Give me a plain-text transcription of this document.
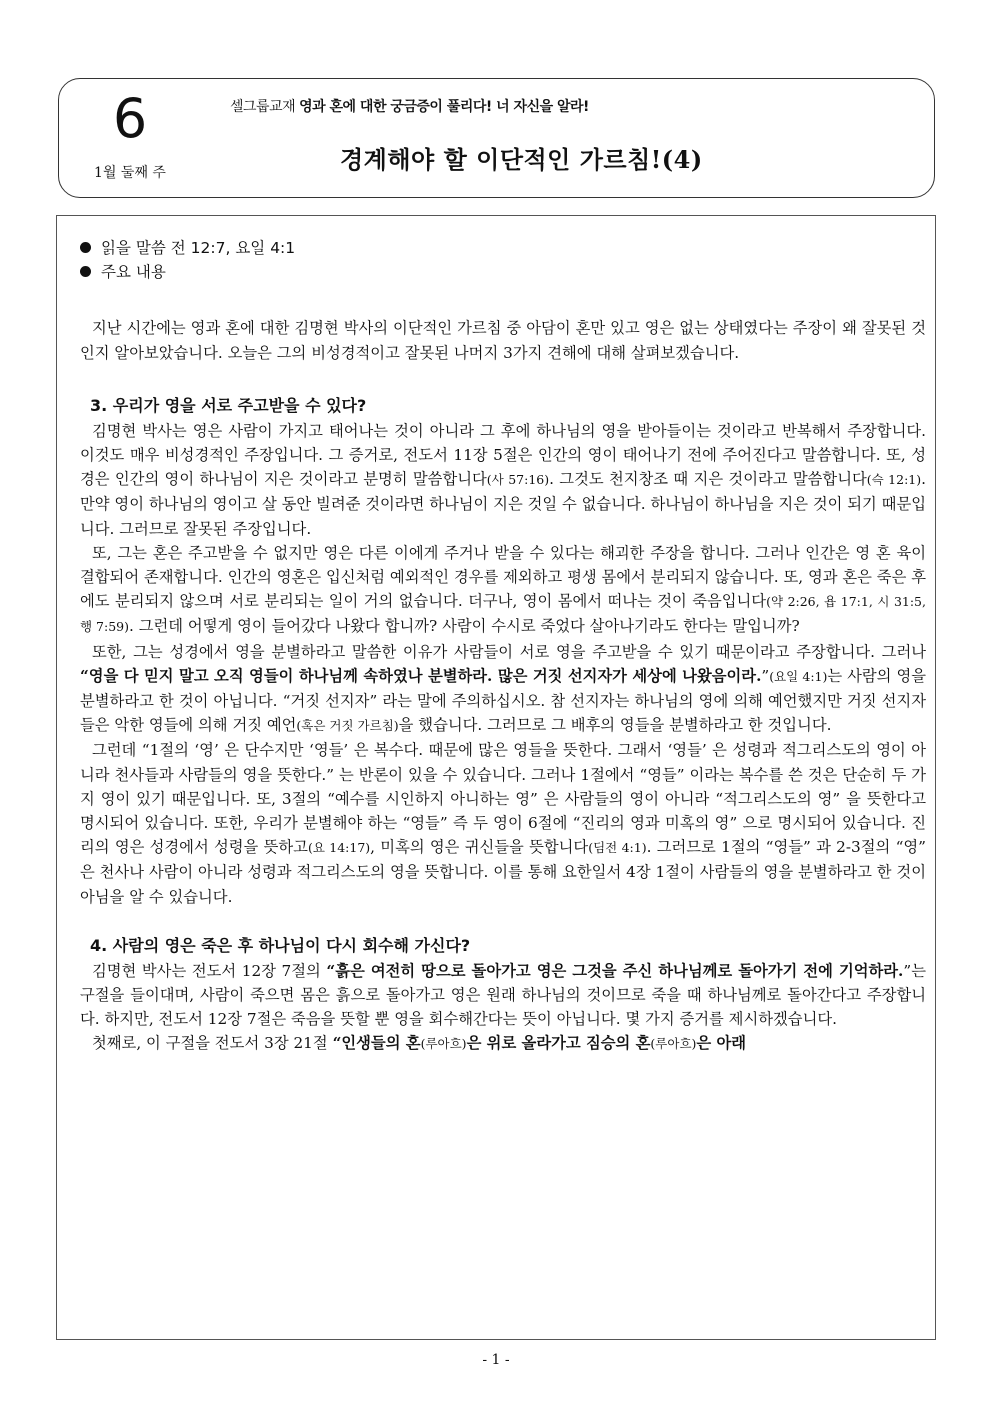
6
1월 둘째 주
셀그룹교재 영과 혼에 대한 궁금증이 풀리다! 너 자신을 알라!
경계해야 할 이단적인 가르침!(4)

읽을 말씀 전 12:7, 요일 4:1

주요 내용

지난 시간에는 영과 혼에 대한 김명현 박사의 이단적인 가르침 중 아담이 혼만 있고 영은 없는 상태였다는 주장이 왜 잘못된 것인지 알아보았습니다. 오늘은 그의 비성경적이고 잘못된 나머지 3가지 견해에 대해 살펴보겠습니다.

3. 우리가 영을 서로 주고받을 수 있다?

김명현 박사는 영은 사람이 가지고 태어나는 것이 아니라 그 후에 하나님의 영을 받아들이는 것이라고 반복해서 주장합니다. 이것도 매우 비성경적인 주장입니다. 그 증거로, 전도서 11장 5절은 인간의 영이 태어나기 전에 주어진다고 말씀합니다. 또, 성경은 인간의 영이 하나님이 지은 것이라고 분명히 말씀합니다(사 57:16). 그것도 천지창조 때 지은 것이라고 말씀합니다(슥 12:1). 만약 영이 하나님의 영이고 살 동안 빌려준 것이라면 하나님이 지은 것일 수 없습니다. 하나님이 하나님을 지은 것이 되기 때문입니다. 그러므로 잘못된 주장입니다.

또, 그는 혼은 주고받을 수 없지만 영은 다른 이에게 주거나 받을 수 있다는 해괴한 주장을 합니다. 그러나 인간은 영 혼 육이 결합되어 존재합니다. 인간의 영혼은 입신처럼 예외적인 경우를 제외하고 평생 몸에서 분리되지 않습니다. 또, 영과 혼은 죽은 후에도 분리되지 않으며 서로 분리되는 일이 거의 없습니다. 더구나, 영이 몸에서 떠나는 것이 죽음입니다(약 2:26, 욥 17:1, 시 31:5, 행 7:59). 그런데 어떻게 영이 들어갔다 나왔다 합니까? 사람이 수시로 죽었다 살아나기라도 한다는 말입니까?

또한, 그는 성경에서 영을 분별하라고 말씀한 이유가 사람들이 서로 영을 주고받을 수 있기 때문이라고 주장합니다. 그러나 “영을 다 믿지 말고 오직 영들이 하나님께 속하였나 분별하라. 많은 거짓 선지자가 세상에 나왔음이라.”(요일 4:1)는 사람의 영을 분별하라고 한 것이 아닙니다. “거짓 선지자” 라는 말에 주의하십시오. 참 선지자는 하나님의 영에 의해 예언했지만 거짓 선지자들은 악한 영들에 의해 거짓 예언(혹은 거짓 가르침)을 했습니다. 그러므로 그 배후의 영들을 분별하라고 한 것입니다.

그런데 “1절의 ‘영’ 은 단수지만 ‘영들’ 은 복수다. 때문에 많은 영들을 뜻한다. 그래서 ‘영들’ 은 성령과 적그리스도의 영이 아니라 천사들과 사람들의 영을 뜻한다.” 는 반론이 있을 수 있습니다. 그러나 1절에서 “영들” 이라는 복수를 쓴 것은 단순히 두 가지 영이 있기 때문입니다. 또, 3절의 “예수를 시인하지 아니하는 영” 은 사람들의 영이 아니라 “적그리스도의 영” 을 뜻한다고 명시되어 있습니다. 또한, 우리가 분별해야 하는 “영들” 즉 두 영이 6절에 “진리의 영과 미혹의 영” 으로 명시되어 있습니다. 진리의 영은 성경에서 성령을 뜻하고(요 14:17), 미혹의 영은 귀신들을 뜻합니다(딤전 4:1). 그러므로 1절의 “영들” 과 2-3절의 “영” 은 천사나 사람이 아니라 성령과 적그리스도의 영을 뜻합니다. 이를 통해 요한일서 4장 1절이 사람들의 영을 분별하라고 한 것이 아님을 알 수 있습니다.

4. 사람의 영은 죽은 후 하나님이 다시 회수해 가신다?

김명현 박사는 전도서 12장 7절의 “흙은 여전히 땅으로 돌아가고 영은 그것을 주신 하나님께로 돌아가기 전에 기억하라.”는 구절을 들이대며, 사람이 죽으면 몸은 흙으로 돌아가고 영은 원래 하나님의 것이므로 죽을 때 하나님께로 돌아간다고 주장합니다. 하지만, 전도서 12장 7절은 죽음을 뜻할 뿐 영을 회수해간다는 뜻이 아닙니다. 몇 가지 증거를 제시하겠습니다.

첫째로, 이 구절을 전도서 3장 21절 “인생들의 혼(루아흐)은 위로 올라가고 짐승의 혼(루아흐)은 아래

- 1 -
